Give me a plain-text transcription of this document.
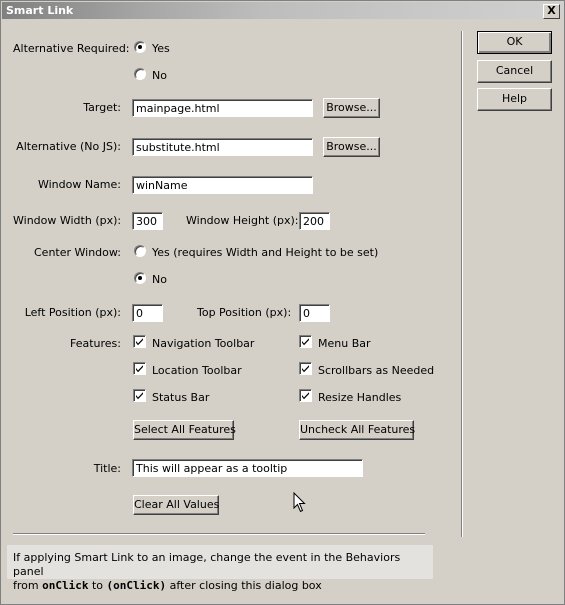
Smart Link	X
Alternative Required: Yes
No
Target:	mainpage.html	Browse...
Alternative (No JS):	substitute.html	Browse...
Window Name:	winName
Window Width (px):	300	Window Height (px): 200
Center Window:	Yes (requires Width and Height to be set)
No
Left Position (px):	0	Top Position (px):	0
Features:	Navigation Toolbar	Menu Bar
Location Toolbar	Scrollbars as Needed
Status Bar	Resize Handles
Select All Features	Uncheck All Features
Title:	This will appear as a tooltip
Clear All Values
OK
Cancel
Help
If applying Smart Link to an image, change the event in the Behaviors panel
from onClick to (onClick) after closing this dialog box
